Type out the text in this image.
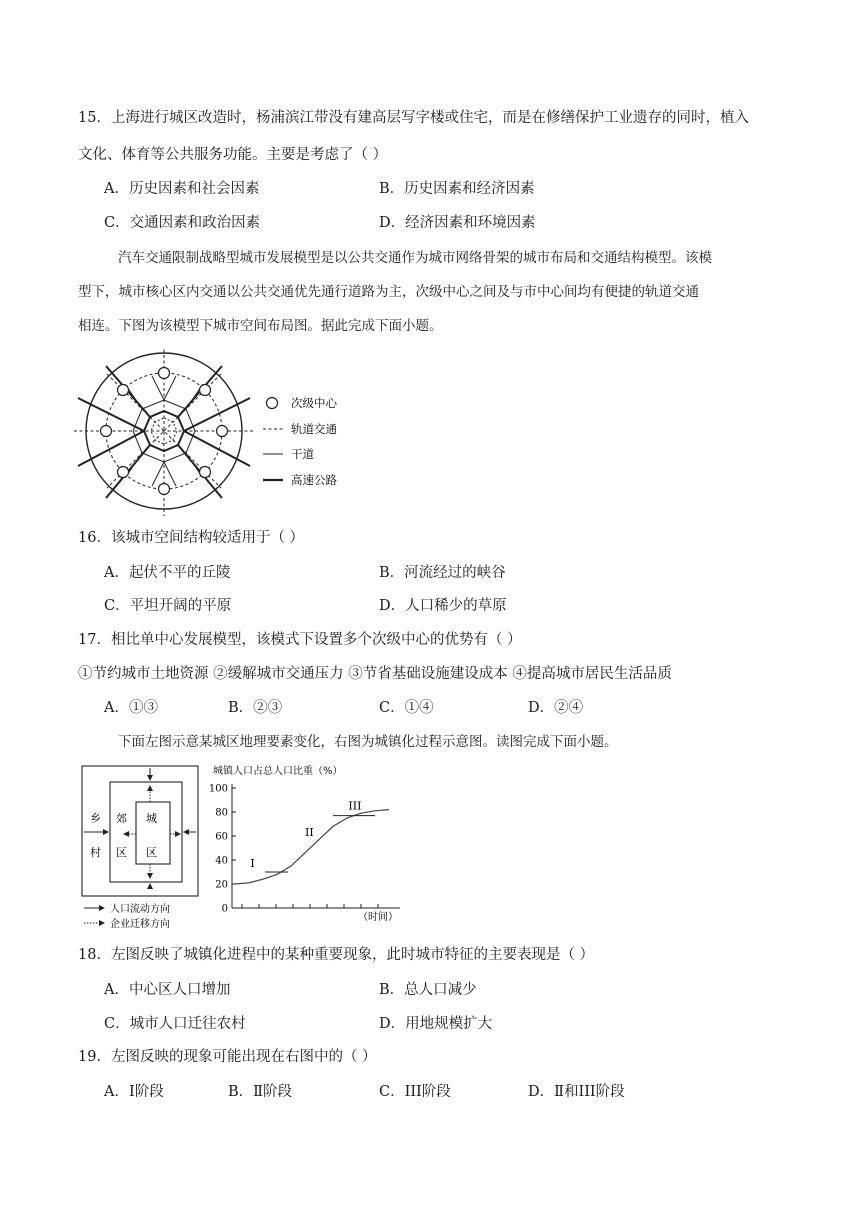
15．上海进行城区改造时，杨浦滨江带没有建高层写字楼或住宅，而是在修缮保护工业遗存的同时，植入
文化、体育等公共服务功能。主要是考虑了（ ）
A．历史因素和社会因素	B．历史因素和经济因素
C．交通因素和政治因素	D．经济因素和环境因素
汽车交通限制战略型城市发展模型是以公共交通作为城市网络骨架的城市布局和交通结构模型。该模
型下，城市核心区内交通以公共交通优先通行道路为主，次级中心之间及与市中心间均有便捷的轨道交通
相连。下图为该模型下城市空间布局图。据此完成下面小题。
次级中心
轨道交通
干道
高速公路
16．该城市空间结构较适用于（ ）
A．起伏不平的丘陵	B．河流经过的峡谷
C．平坦开阔的平原	D．人口稀少的草原
17．相比单中心发展模型，该模式下设置多个次级中心的优势有（ ）
①节约城市土地资源 ②缓解城市交通压力 ③节省基础设施建设成本 ④提高城市居民生活品质
A．①③	B．②③	C．①④	D．②④
下面左图示意某城区地理要素变化，右图为城镇化过程示意图。读图完成下面小题。
乡
村
郊
区
城
区
人口流动方向
企业迁移方向
城镇人口占总人口比重（%）
0
20
40
60
80
100
I
II
III
（时间）
18．左图反映了城镇化进程中的某种重要现象，此时城市特征的主要表现是（ ）
A．中心区人口增加	B．总人口减少
C．城市人口迁往农村	D．用地规模扩大
19．左图反映的现象可能出现在右图中的（ ）
A．Ⅰ阶段	B．Ⅱ阶段	C．III阶段	D．Ⅱ和III阶段
